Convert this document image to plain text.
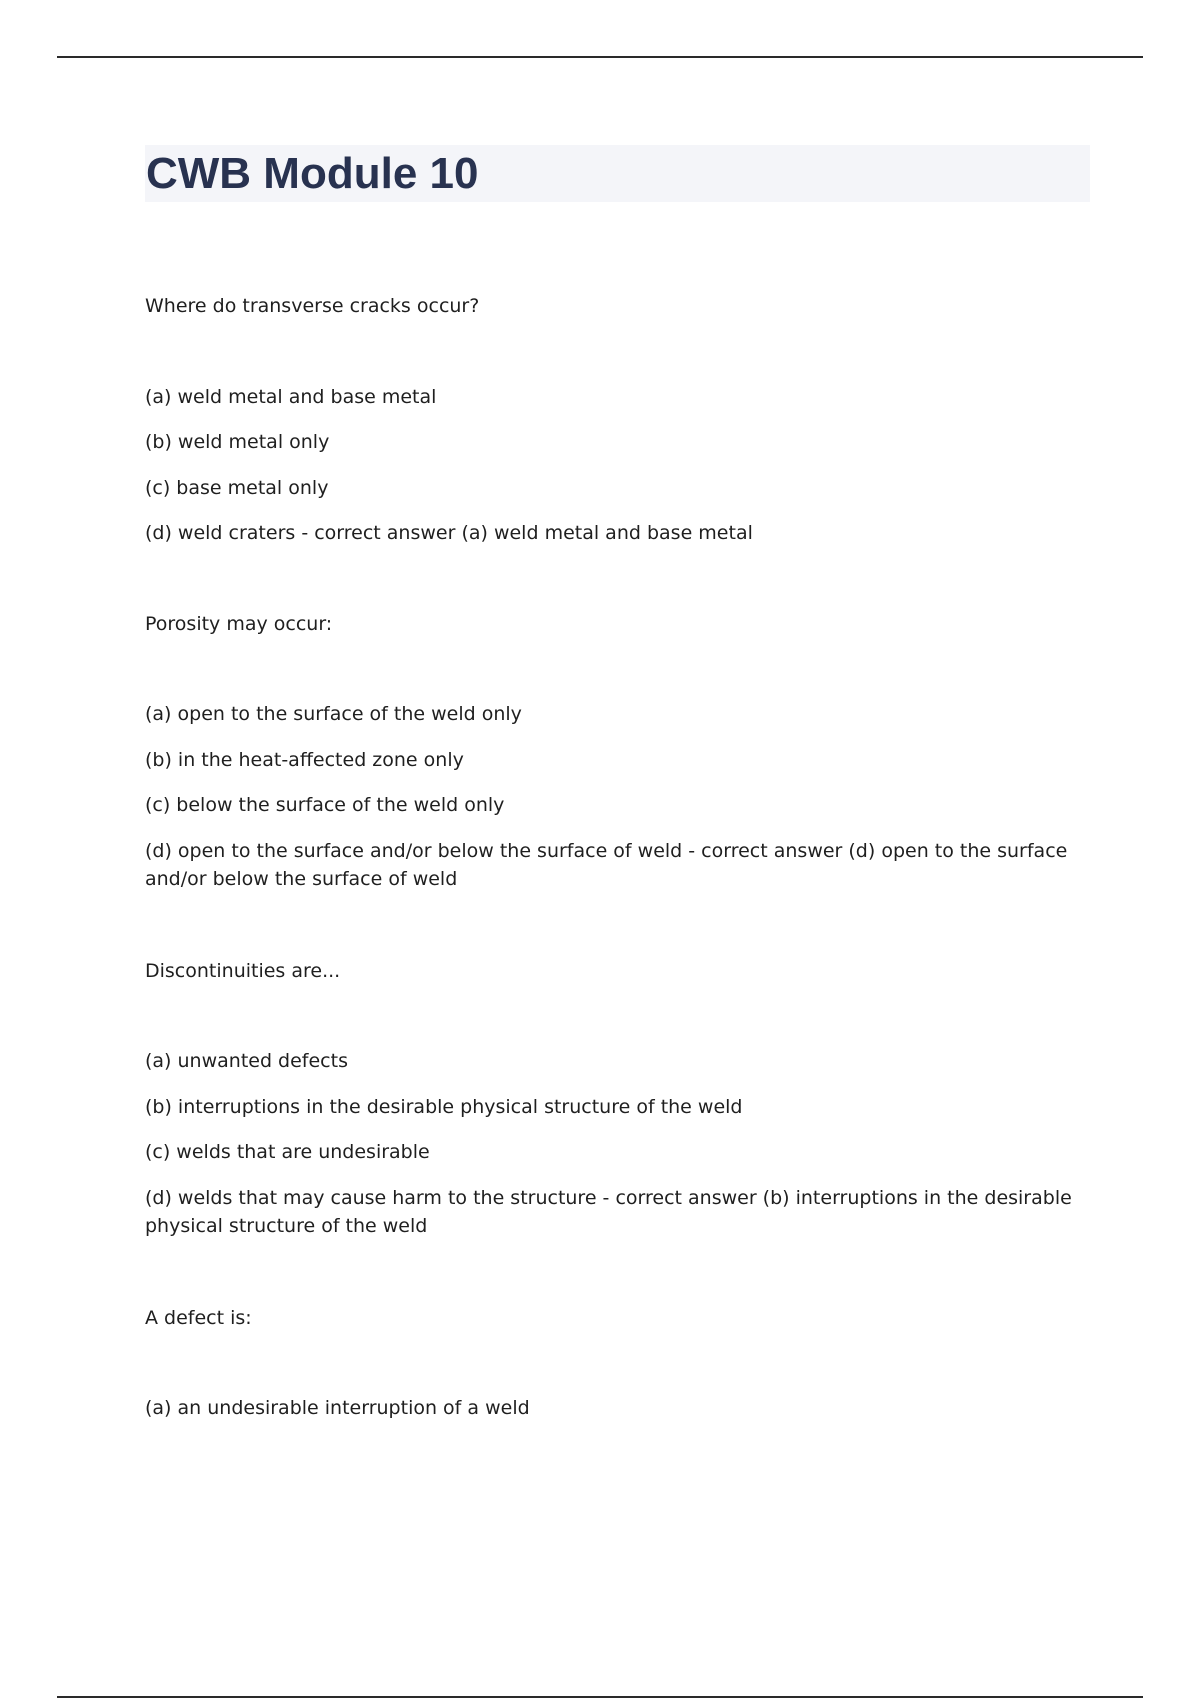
CWB Module 10

Where do transverse cracks occur?

(a) weld metal and base metal

(b) weld metal only

(c) base metal only

(d) weld craters - correct answer (a) weld metal and base metal

Porosity may occur:

(a) open to the surface of the weld only

(b) in the heat-affected zone only

(c) below the surface of the weld only

(d) open to the surface and/or below the surface of weld - correct answer (d) open to the surface and/or below the surface of weld

Discontinuities are...

(a) unwanted defects

(b) interruptions in the desirable physical structure of the weld

(c) welds that are undesirable

(d) welds that may cause harm to the structure - correct answer (b) interruptions in the desirable physical structure of the weld

A defect is:

(a) an undesirable interruption of a weld
